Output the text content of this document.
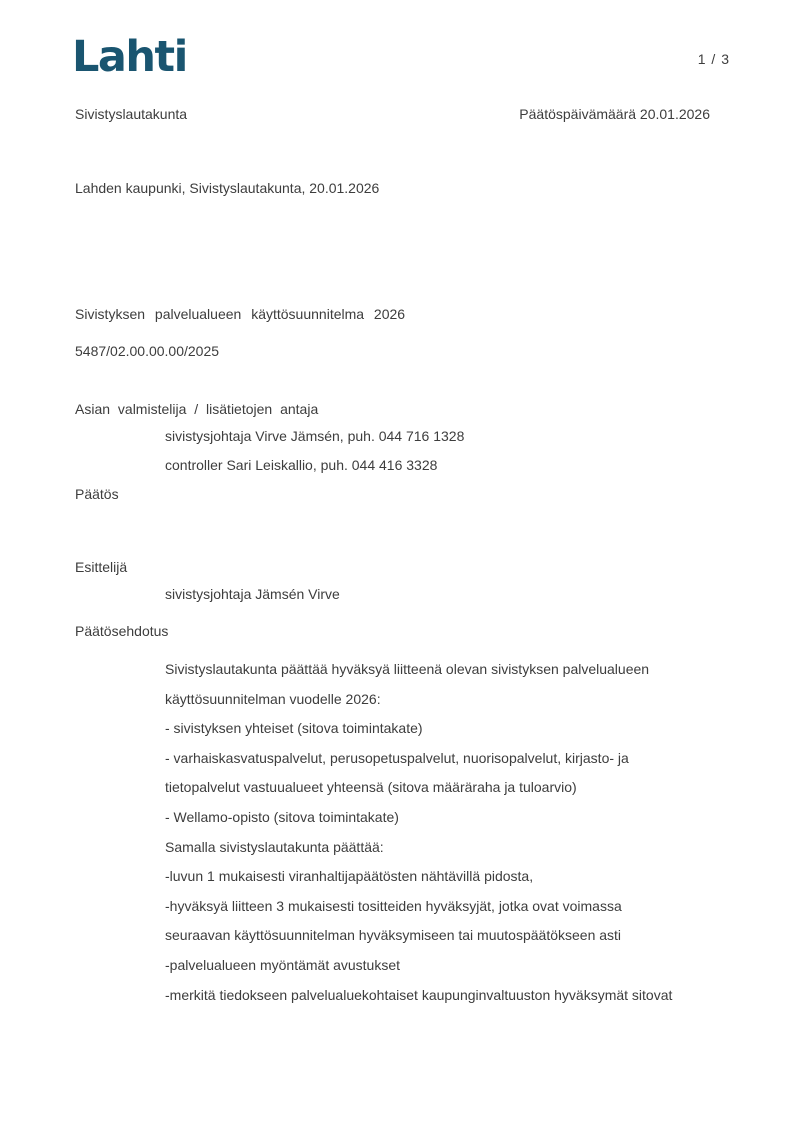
Lahti	1 / 3
Sivistyslautakunta	Päätöspäivämäärä 20.01.2026
Lahden kaupunki, Sivistyslautakunta, 20.01.2026
Sivistyksen palvelualueen käyttösuunnitelma 2026
5487/02.00.00.00/2025
Asian valmistelija / lisätietojen antaja
sivistysjohtaja Virve Jämsén, puh. 044 716 1328
controller Sari Leiskallio, puh. 044 416 3328
Päätös
Esittelijä
sivistysjohtaja Jämsén Virve
Päätösehdotus
Sivistyslautakunta päättää hyväksyä liitteenä olevan sivistyksen palvelualueen
käyttösuunnitelman vuodelle 2026:
- sivistyksen yhteiset (sitova toimintakate)
- varhaiskasvatuspalvelut, perusopetuspalvelut, nuorisopalvelut, kirjasto- ja
tietopalvelut vastuualueet yhteensä (sitova määräraha ja tuloarvio)
- Wellamo-opisto (sitova toimintakate)
Samalla sivistyslautakunta päättää:
-luvun 1 mukaisesti viranhaltijapäätösten nähtävillä pidosta,
-hyväksyä liitteen 3 mukaisesti tositteiden hyväksyjät, jotka ovat voimassa
seuraavan käyttösuunnitelman hyväksymiseen tai muutospäätökseen asti
-palvelualueen myöntämät avustukset
-merkitä tiedokseen palvelualuekohtaiset kaupunginvaltuuston hyväksymät sitovat
